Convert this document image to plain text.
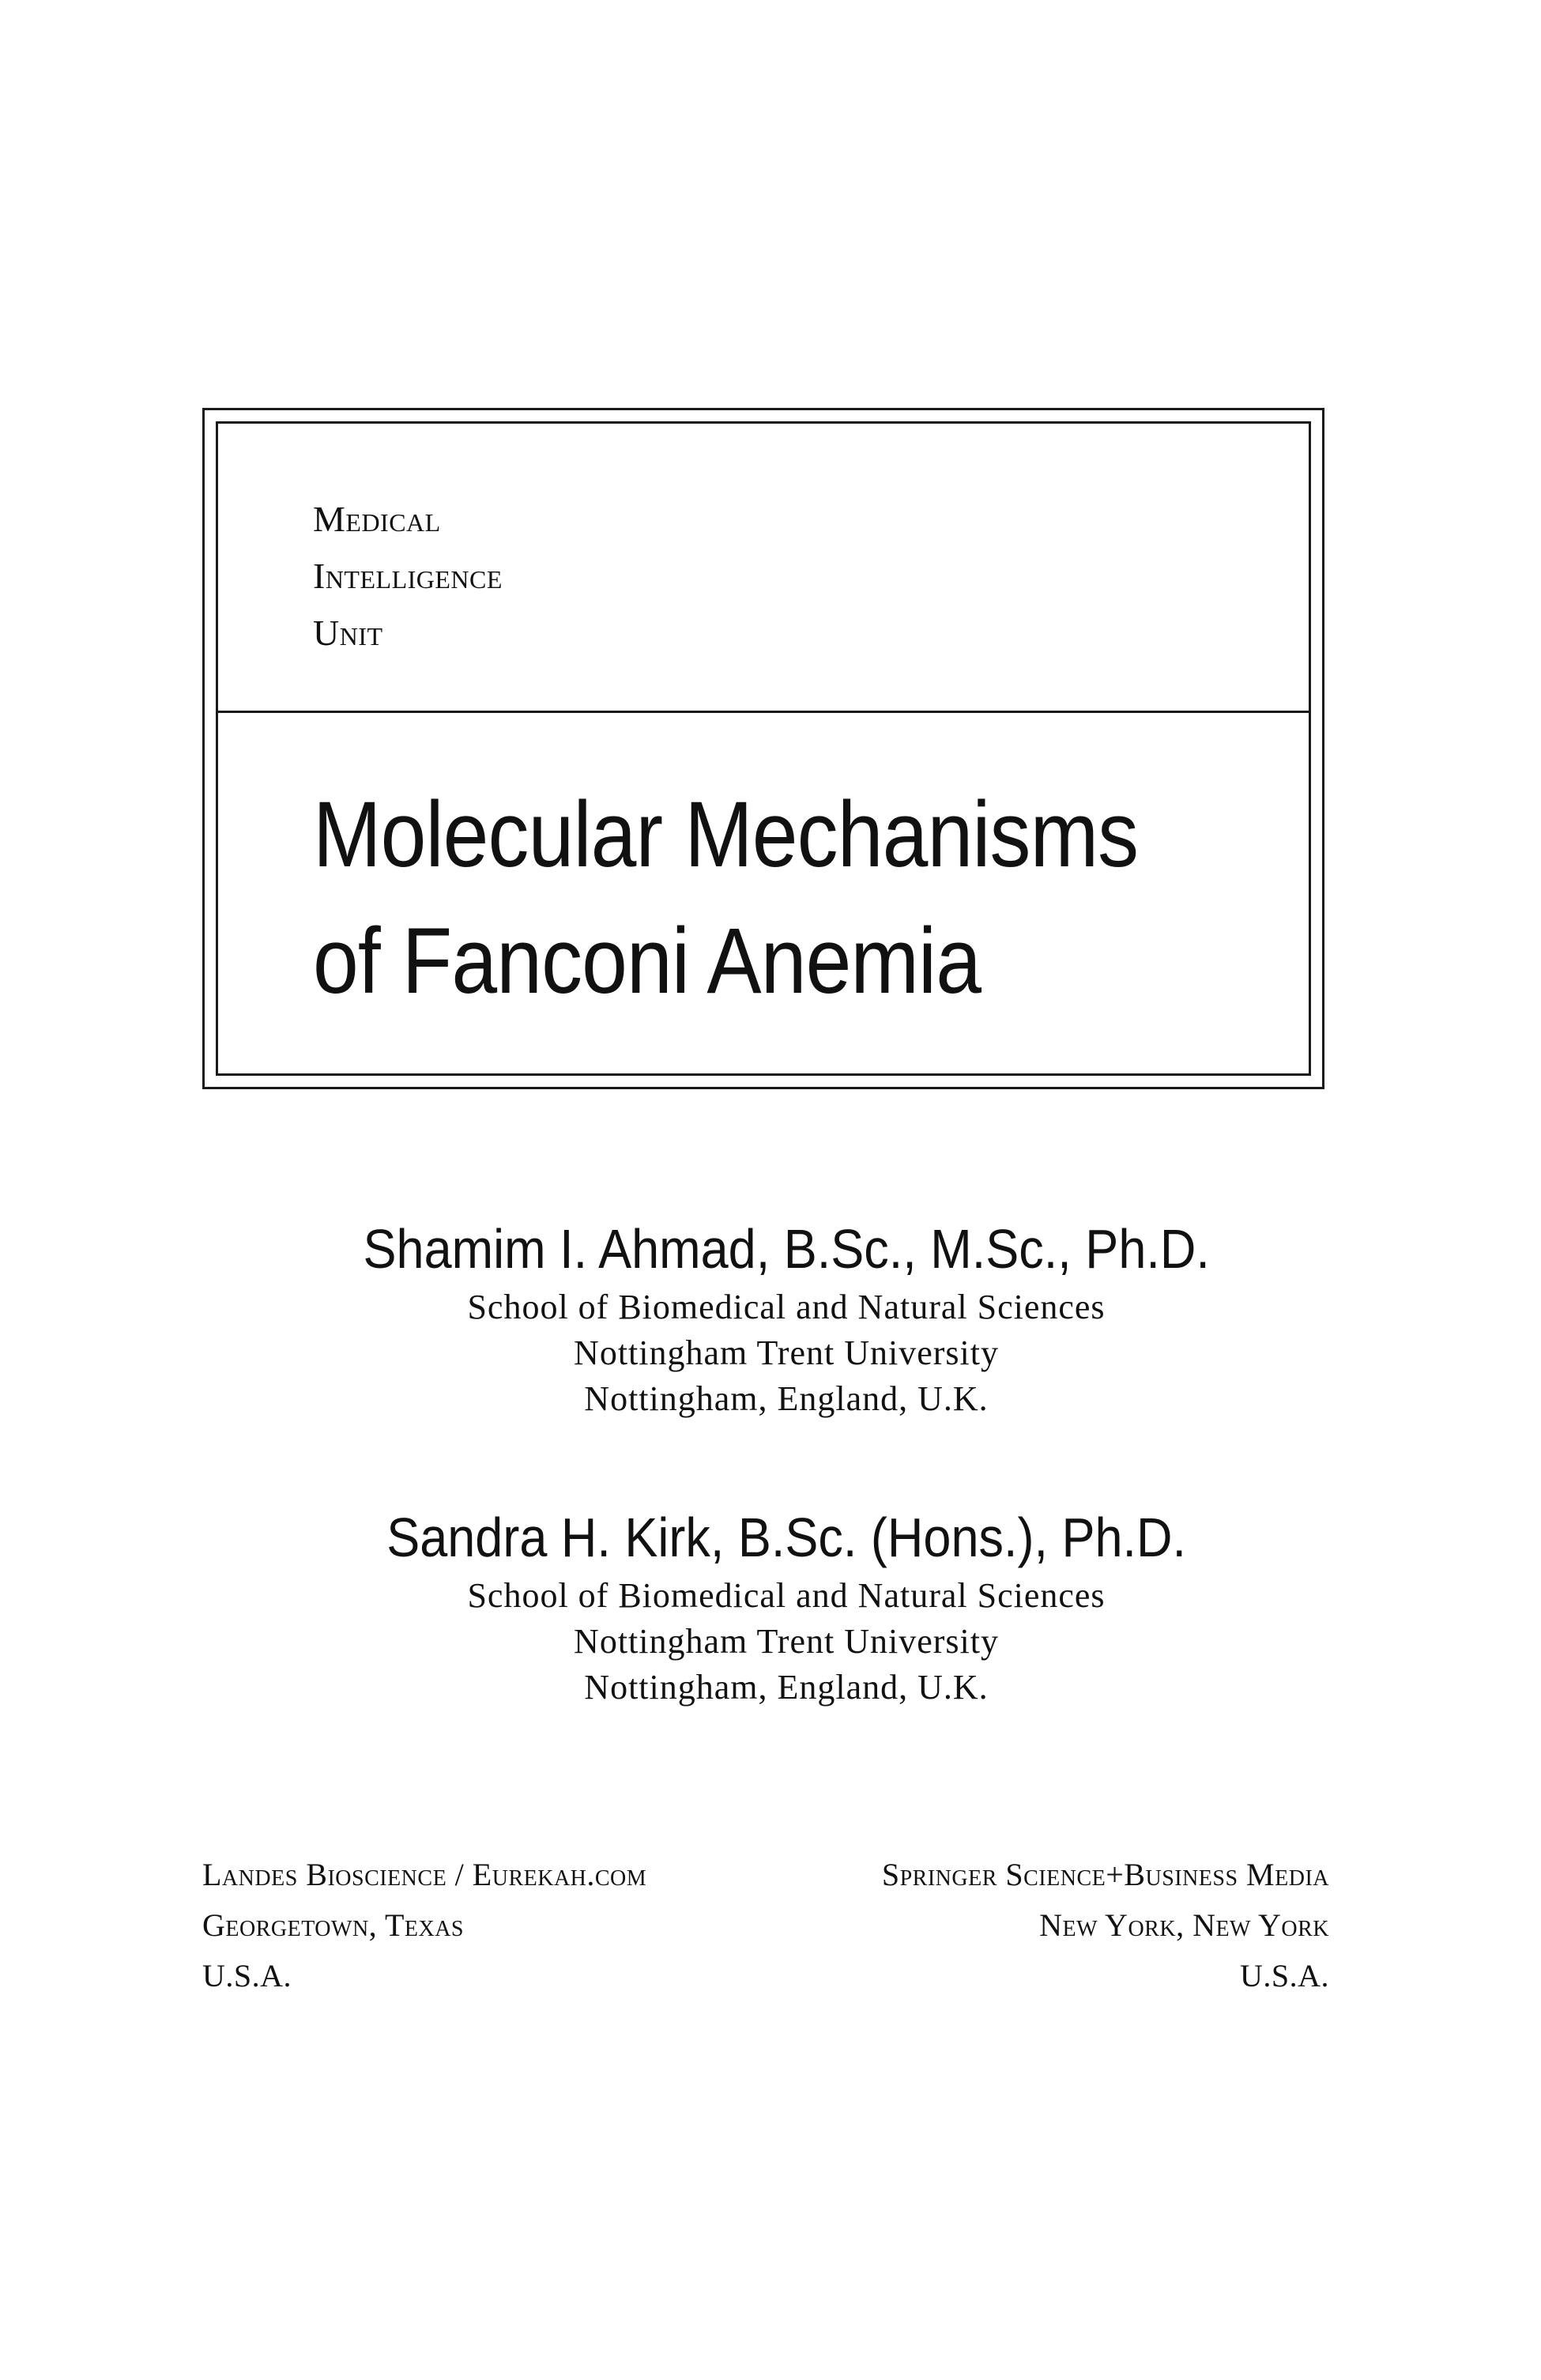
Medical
Intelligence
Unit
Molecular Mechanisms
of Fanconi Anemia
Shamim I. Ahmad, B.Sc., M.Sc., Ph.D.
School of Biomedical and Natural Sciences
Nottingham Trent University
Nottingham, England, U.K.
Sandra H. Kirk, B.Sc. (Hons.), Ph.D.
School of Biomedical and Natural Sciences
Nottingham Trent University
Nottingham, England, U.K.
Landes Bioscience / Eurekah.com
Georgetown, Texas
U.S.A.
Springer Science+Business Media
New York, New York
U.S.A.
